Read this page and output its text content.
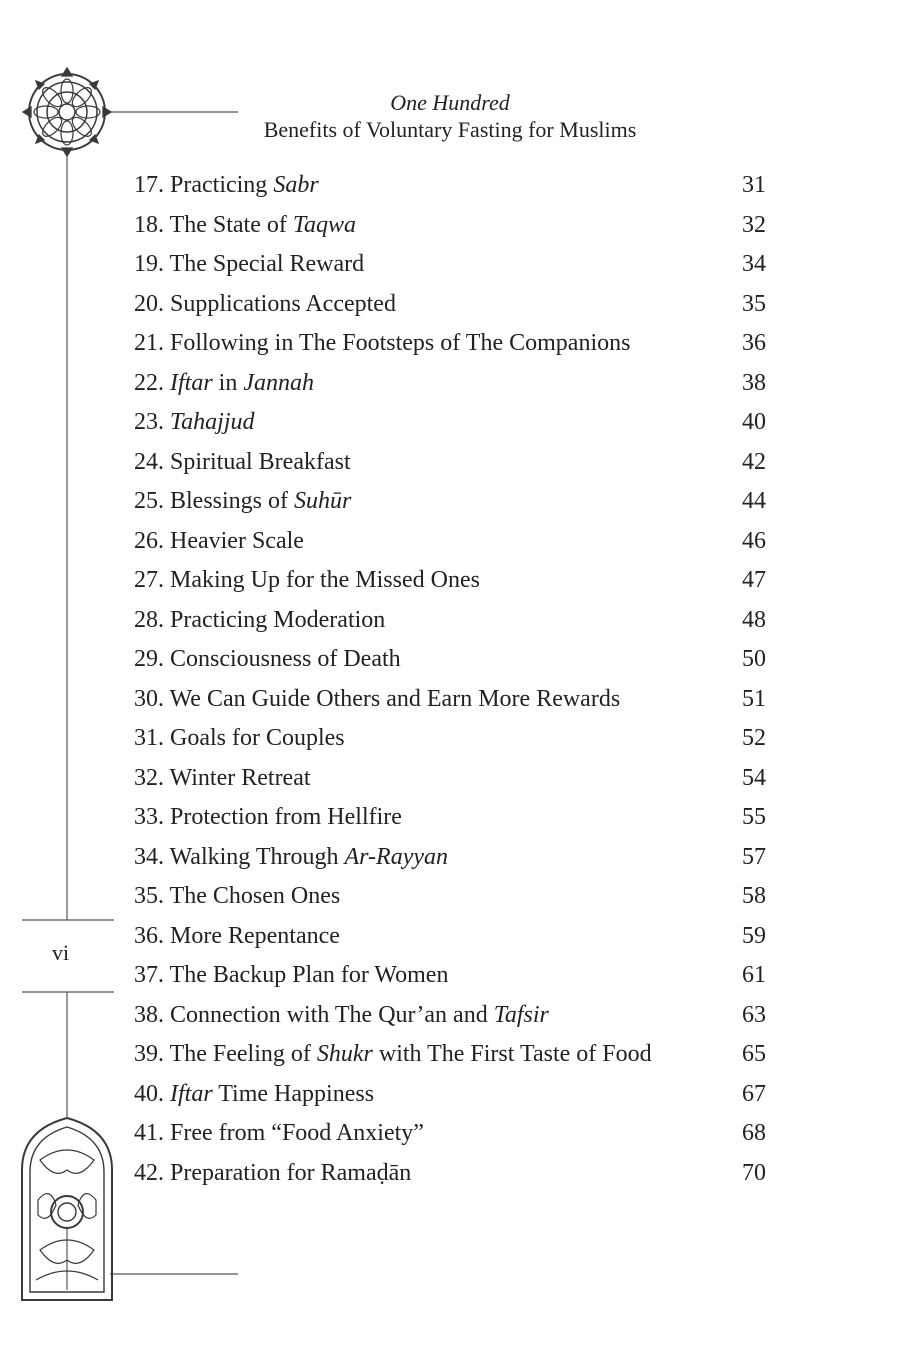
One Hundred
Benefits of Voluntary Fasting for Muslims
vi
17. Practicing Sabr	31
18. The State of Taqwa	32
19. The Special Reward	34
20. Supplications Accepted	35
21. Following in The Footsteps of The Companions	36
22. Iftar in Jannah	38
23. Tahajjud	40
24. Spiritual Breakfast	42
25. Blessings of Suhūr	44
26. Heavier Scale	46
27. Making Up for the Missed Ones	47
28. Practicing Moderation	48
29. Consciousness of Death	50
30. We Can Guide Others and Earn More Rewards	51
31. Goals for Couples	52
32. Winter Retreat	54
33. Protection from Hellfire	55
34. Walking Through Ar-Rayyan	57
35. The Chosen Ones	58
36. More Repentance	59
37. The Backup Plan for Women	61
38. Connection with The Qur’an and Tafsir	63
39. The Feeling of Shukr with The First Taste of Food	65
40. Iftar Time Happiness	67
41. Free from “Food Anxiety”	68
42. Preparation for Ramaḍān	70
